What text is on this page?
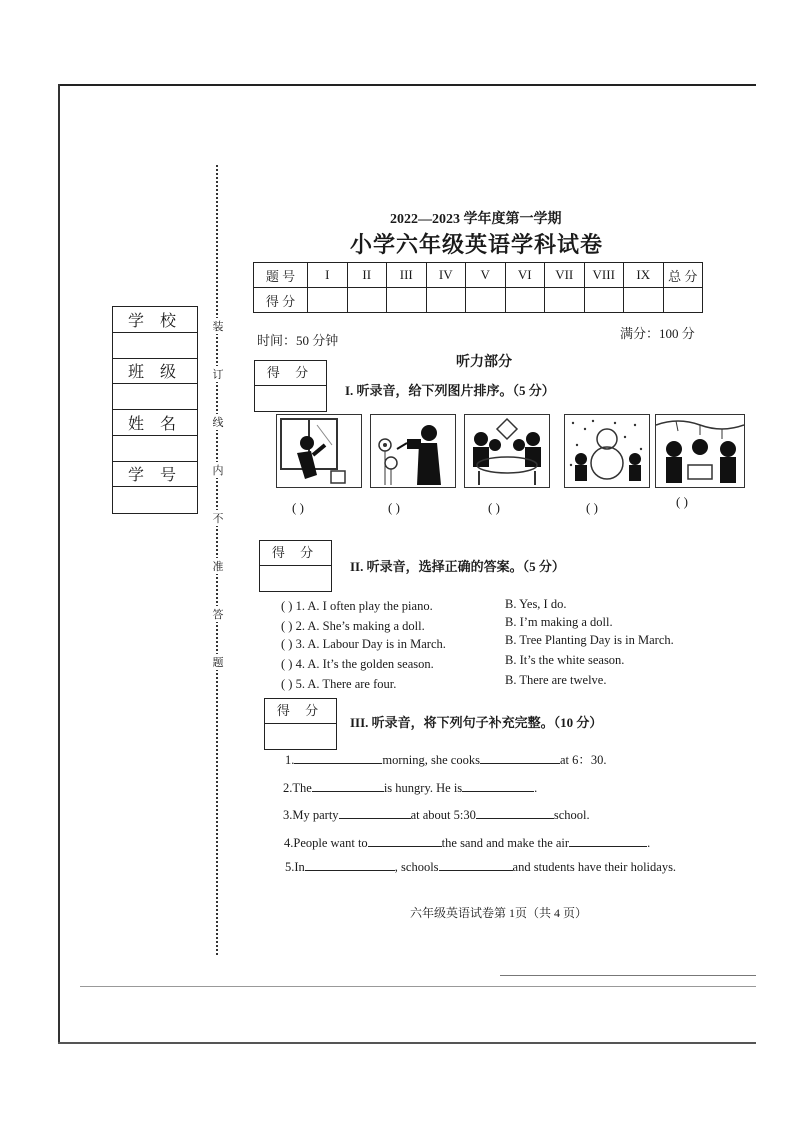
装
订
线
内
不
准
答
题
学 校
班 级
姓 名
学 号
2022—2023 学年度第一学期
小学六年级英语学科试卷
题 号	I	II	III	IV	V	VI	VII	VIII	IX	总 分
得 分										
时间：50 分钟	满分：100 分
听力部分
得 分
I. 听录音，给下列图片排序。（5 分）
( )	( )	( )	( )	( )
得 分
II. 听录音，选择正确的答案。（5 分）
( ) 1. A. I often play the piano.	B. Yes, I do.
( ) 2. A. She’s making a doll.	B. I’m making a doll.
( ) 3. A. Labour Day is in March.	B. Tree Planting Day is in March.
( ) 4. A. It’s the golden season.	B. It’s the white season.
( ) 5. A. There are four.	B. There are twelve.
得 分
III. 听录音，将下列句子补充完整。（10 分）
1.	morning, she cooks	at 6：30.
2.The	is hungry. He is	.
3.My party	at about 5:30	school.
4.People want to	the sand and make the air	.
5.In	, schools	and students have their holidays.
六年级英语试卷第 1页（共 4 页）
